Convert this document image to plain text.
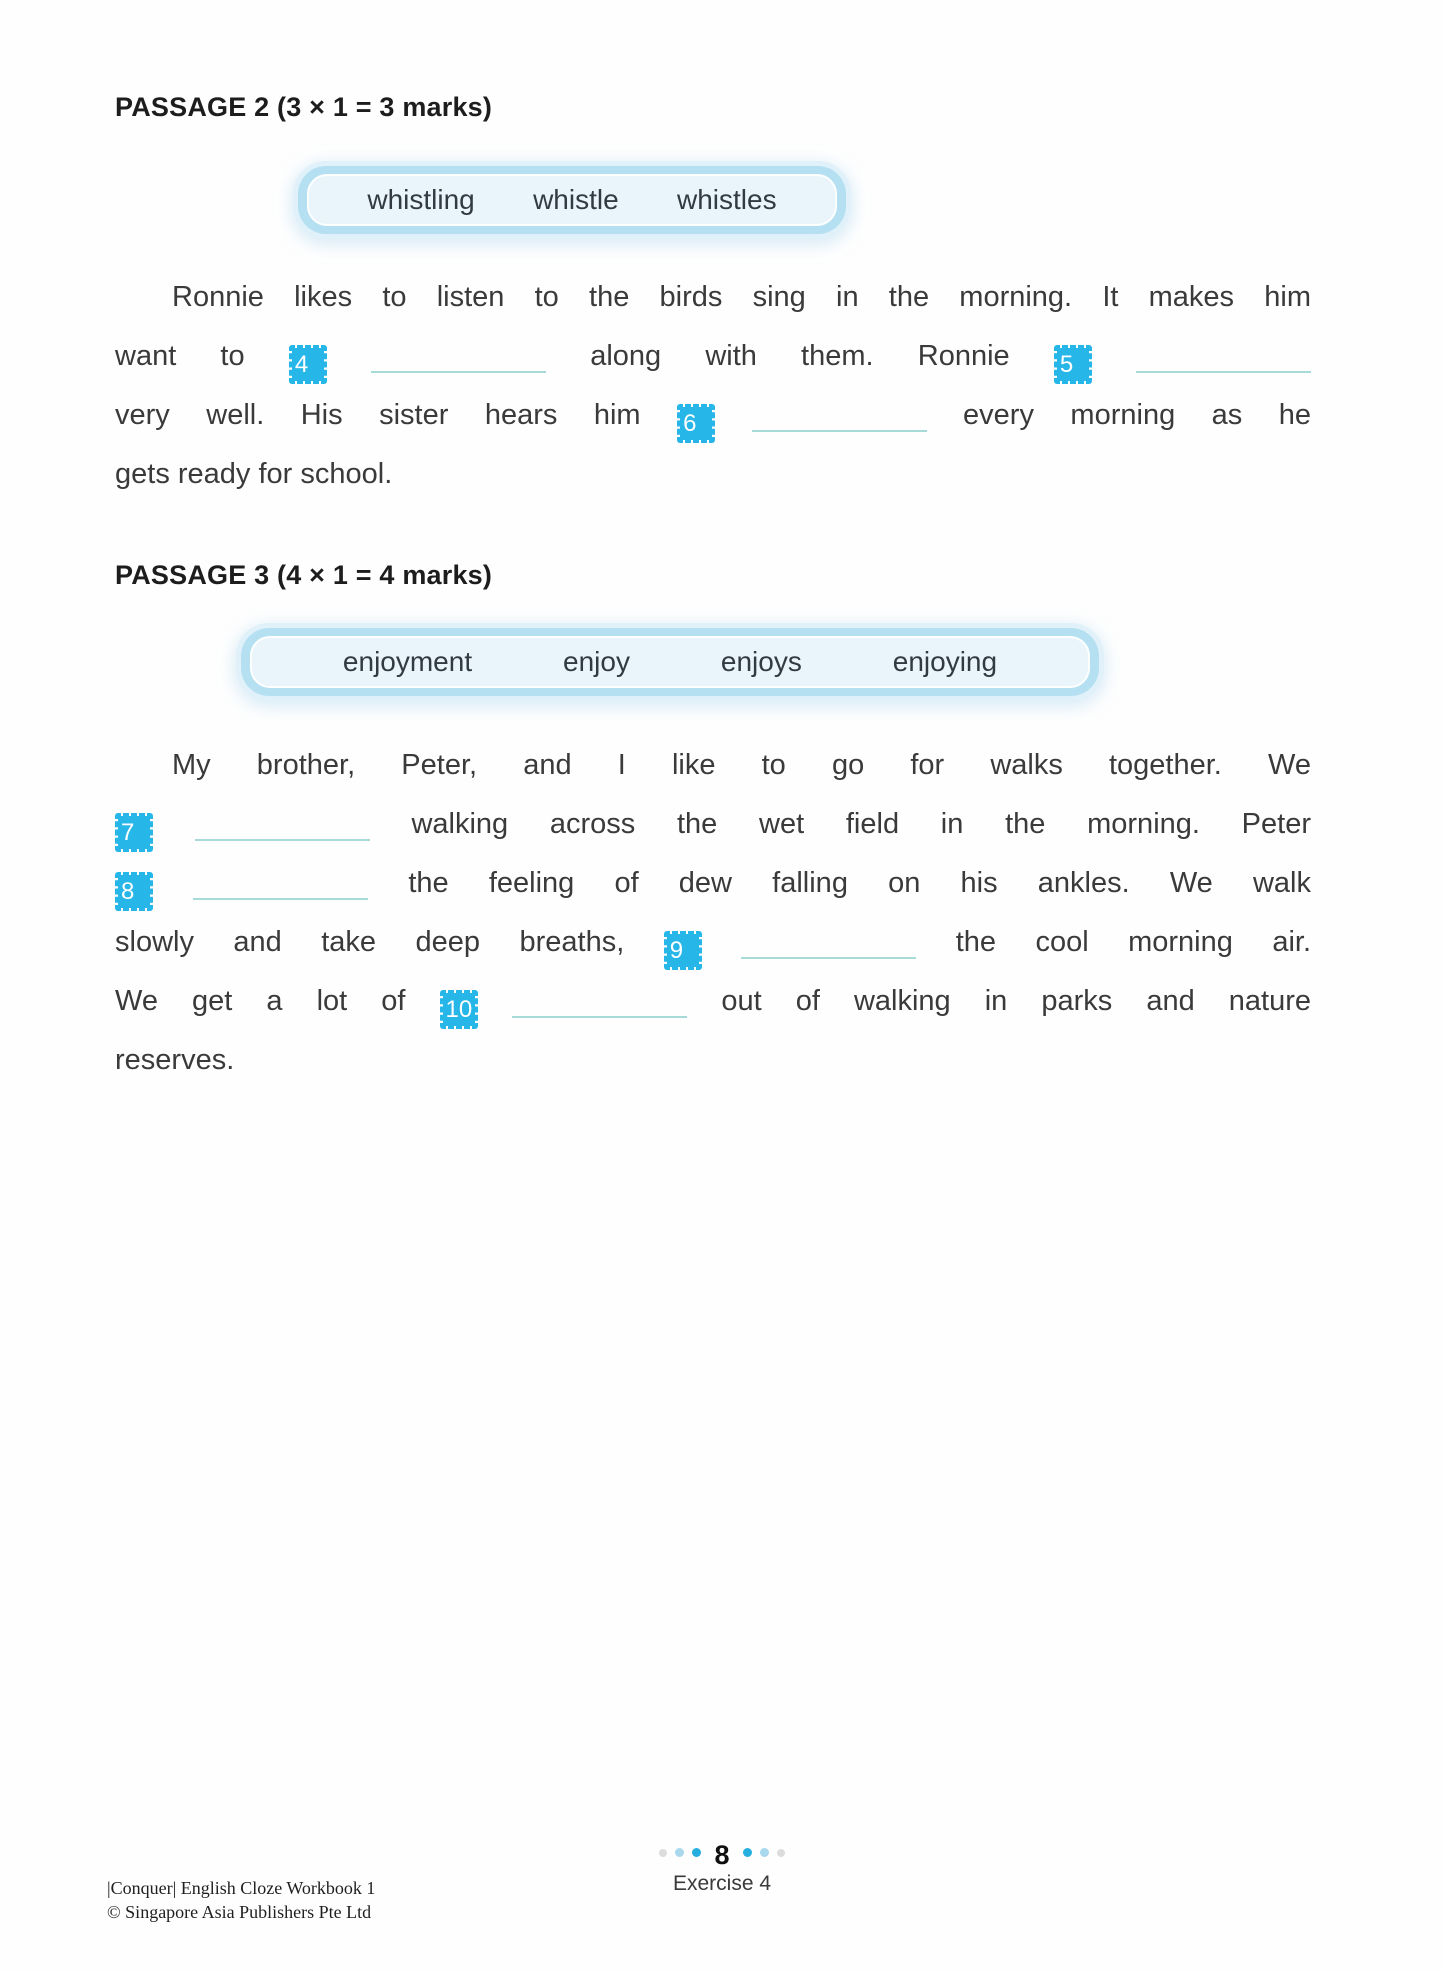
PASSAGE 2 (3 × 1 = 3 marks)
whistling whistle whistles
Ronnie likes to listen to the birds sing in the morning. It makes him
want to 4	along with them. Ronnie 5
very well. His sister hears him 6	every morning as he
gets ready for school.
PASSAGE 3 (4 × 1 = 4 marks)
enjoyment	enjoy	enjoys	enjoying
My brother, Peter, and I like to go for walks together. We
7	walking across the wet field in the morning. Peter
8	the feeling of dew falling on his ankles. We walk
slowly and take deep breaths, 9	the cool morning air.
We get a lot of 10	out of walking in parks and nature
reserves.
|Conquer| English Cloze Workbook 1
© Singapore Asia Publishers Pte Ltd
8
Exercise 4
